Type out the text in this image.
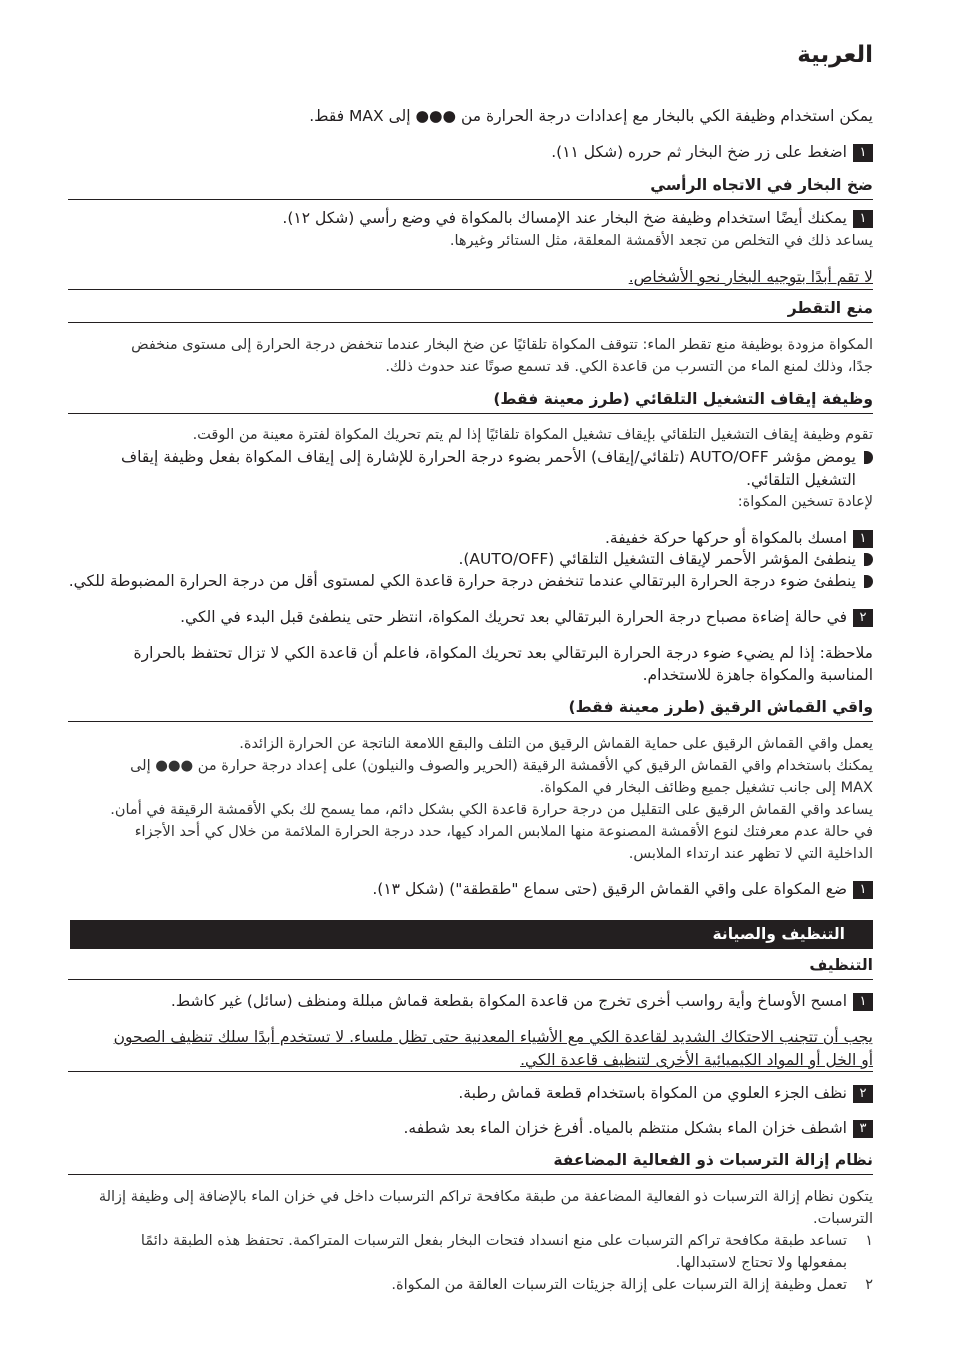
العربية

يمكن استخدام وظيفة الكي بالبخار مع إعدادات درجة الحرارة من ●●● إلى MAX فقط.

١اضغط على زر ضخ البخار ثم حرره (شكل ١١).

ضخ البخار في الاتجاه الرأسي

١يمكنك أيضًا استخدام وظيفة ضخ البخار عند الإمساك بالمكواة في وضع رأسي (شكل ١٢).

يساعد ذلك في التخلص من تجعد الأقمشة المعلقة، مثل الستائر وغيرها.

لا تقم أبدًا بتوجيه البخار نحو الأشخاص.
منع التقطر

المكواة مزودة بوظيفة منع تقطر الماء: تتوقف المكواة تلقائيًا عن ضخ البخار عندما تنخفض درجة الحرارة إلى مستوى منخفض

جدًا، وذلك لمنع الماء من التسرب من قاعدة الكي. قد تسمع صوتًا عند حدوث ذلك.

وظيفة إيقاف التشغيل التلقائي (طرز معينة فقط)

تقوم وظيفة إيقاف التشغيل التلقائي بإيقاف تشغيل المكواة تلقائيًا إذا لم يتم تحريك المكواة لفترة معينة من الوقت.

يومض مؤشر AUTO/OFF (تلقائي/إيقاف) الأحمر بضوء درجة الحرارة للإشارة إلى إيقاف المكواة بفعل وظيفة إيقاف

التشغيل التلقائي.

لإعادة تسخين المكواة:

١امسك بالمكواة أو حركها حركة خفيفة.

ينطفئ المؤشر الأحمر لإيقاف التشغيل التلقائي (AUTO/OFF).

ينطفئ ضوء درجة الحرارة البرتقالي عندما تنخفض درجة حرارة قاعدة الكي لمستوى أقل من درجة الحرارة المضبوطة للكي.

٢في حالة إضاءة مصباح درجة الحرارة البرتقالي بعد تحريك المكواة، انتظر حتى ينطفئ قبل البدء في الكي.

ملاحظة: إذا لم يضيء ضوء درجة الحرارة البرتقالي بعد تحريك المكواة، فاعلم أن قاعدة الكي لا تزال تحتفظ بالحرارة

المناسبة والمكواة جاهزة للاستخدام.

واقي القماش الرقيق (طرز معينة فقط)

يعمل واقي القماش الرقيق على حماية القماش الرقيق من التلف والبقع اللامعة الناتجة عن الحرارة الزائدة.

يمكنك باستخدام واقي القماش الرقيق كي الأقمشة الرقيقة (الحرير والصوف والنيلون) على إعداد درجة حرارة من ●●● إلى

MAX إلى جانب تشغيل جميع وظائف البخار في المكواة.

يساعد واقي القماش الرقيق على التقليل من درجة حرارة قاعدة الكي بشكل دائم، مما يسمح لك بكي الأقمشة الرقيقة في أمان.

في حالة عدم معرفتك لنوع الأقمشة المصنوعة منها الملابس المراد كيها، حدد درجة الحرارة الملائمة من خلال كي أحد الأجزاء

الداخلية التي لا تظهر عند ارتداء الملابس.

١ضع المكواة على واقي القماش الرقيق (حتى سماع "طقطقة") (شكل ١٣).

التنظيف والصيانة
التنظيف

١امسح الأوساخ وأية رواسب أخرى تخرج من قاعدة المكواة بقطعة قماش مبللة ومنظف (سائل) غير كاشط.

يجب أن تتجنب الاحتكاك الشديد لقاعدة الكي مع الأشياء المعدنية حتى تظل ملساء. لا تستخدم أبدًا سلك تنظيف الصحون

أو الخل أو المواد الكيميائية الأخرى لتنظيف قاعدة الكي.

٢نظف الجزء العلوي من المكواة باستخدام قطعة قماش رطبة.

٣اشطف خزان الماء بشكل منتظم بالمياه. أفرغ خزان الماء بعد شطفه.

نظام إزالة الترسبات ذو الفعالية المضاعفة

يتكون نظام إزالة الترسبات ذو الفعالية المضاعفة من طبقة مكافحة تراكم الترسبات داخل في خزان الماء بالإضافة إلى وظيفة إزالة

الترسبات.

١تساعد طبقة مكافحة تراكم الترسبات على منع انسداد فتحات البخار بفعل الترسبات المتراكمة. تحتفظ هذه الطبقة دائمًا

بمفعولها ولا تحتاج لاستبدالها.

٢تعمل وظيفة إزالة الترسبات على إزالة جزيئات الترسبات العالقة من المكواة.
